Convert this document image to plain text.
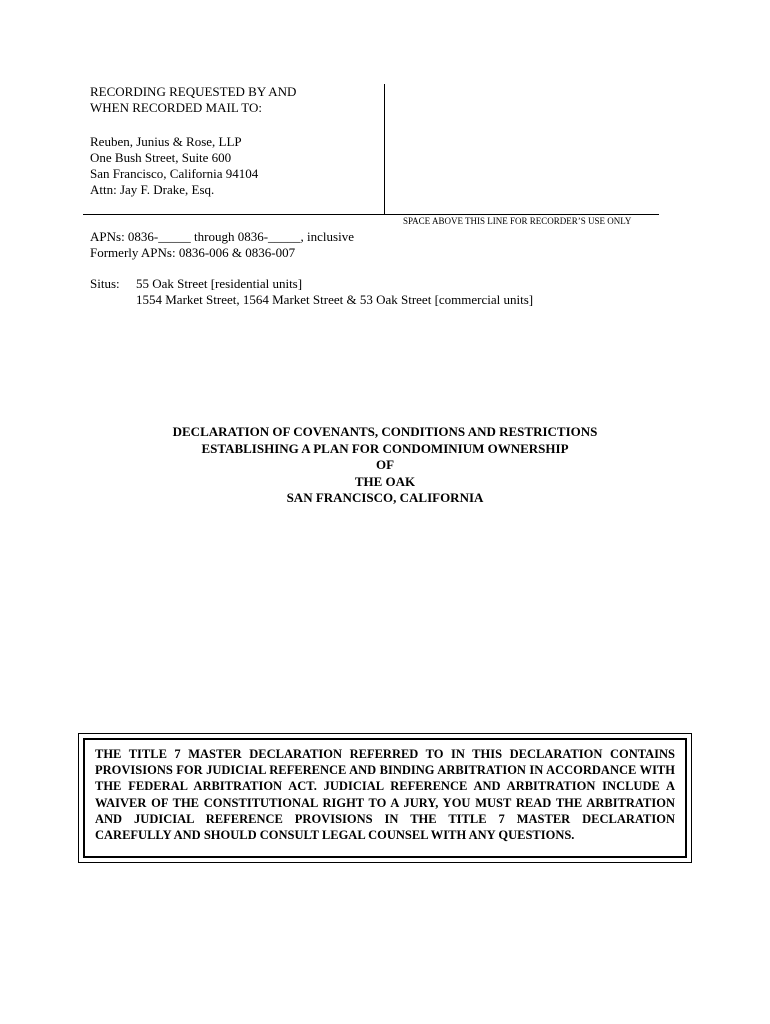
RECORDING REQUESTED BY AND
WHEN RECORDED MAIL TO:
Reuben, Junius & Rose, LLP
One Bush Street, Suite 600
San Francisco, California 94104
Attn: Jay F. Drake, Esq.
SPACE ABOVE THIS LINE FOR RECORDER’S USE ONLY
APNs: 0836-_____ through 0836-_____, inclusive
Formerly APNs: 0836-006 & 0836-007
Situs: 55 Oak Street [residential units]
1554 Market Street, 1564 Market Street & 53 Oak Street [commercial units]
DECLARATION OF COVENANTS, CONDITIONS AND RESTRICTIONS
ESTABLISHING A PLAN FOR CONDOMINIUM OWNERSHIP
OF
THE OAK
SAN FRANCISCO, CALIFORNIA

THE TITLE 7 MASTER DECLARATION REFERRED TO IN THIS DECLARATION CONTAINS PROVISIONS FOR JUDICIAL REFERENCE AND BINDING ARBITRATION IN ACCORDANCE WITH THE FEDERAL ARBITRATION ACT. JUDICIAL REFERENCE AND ARBITRATION INCLUDE A WAIVER OF THE CONSTITUTIONAL RIGHT TO A JURY, YOU MUST READ THE ARBITRATION AND JUDICIAL REFERENCE PROVISIONS IN THE TITLE 7 MASTER DECLARATION CAREFULLY AND SHOULD CONSULT LEGAL COUNSEL WITH ANY QUESTIONS.
